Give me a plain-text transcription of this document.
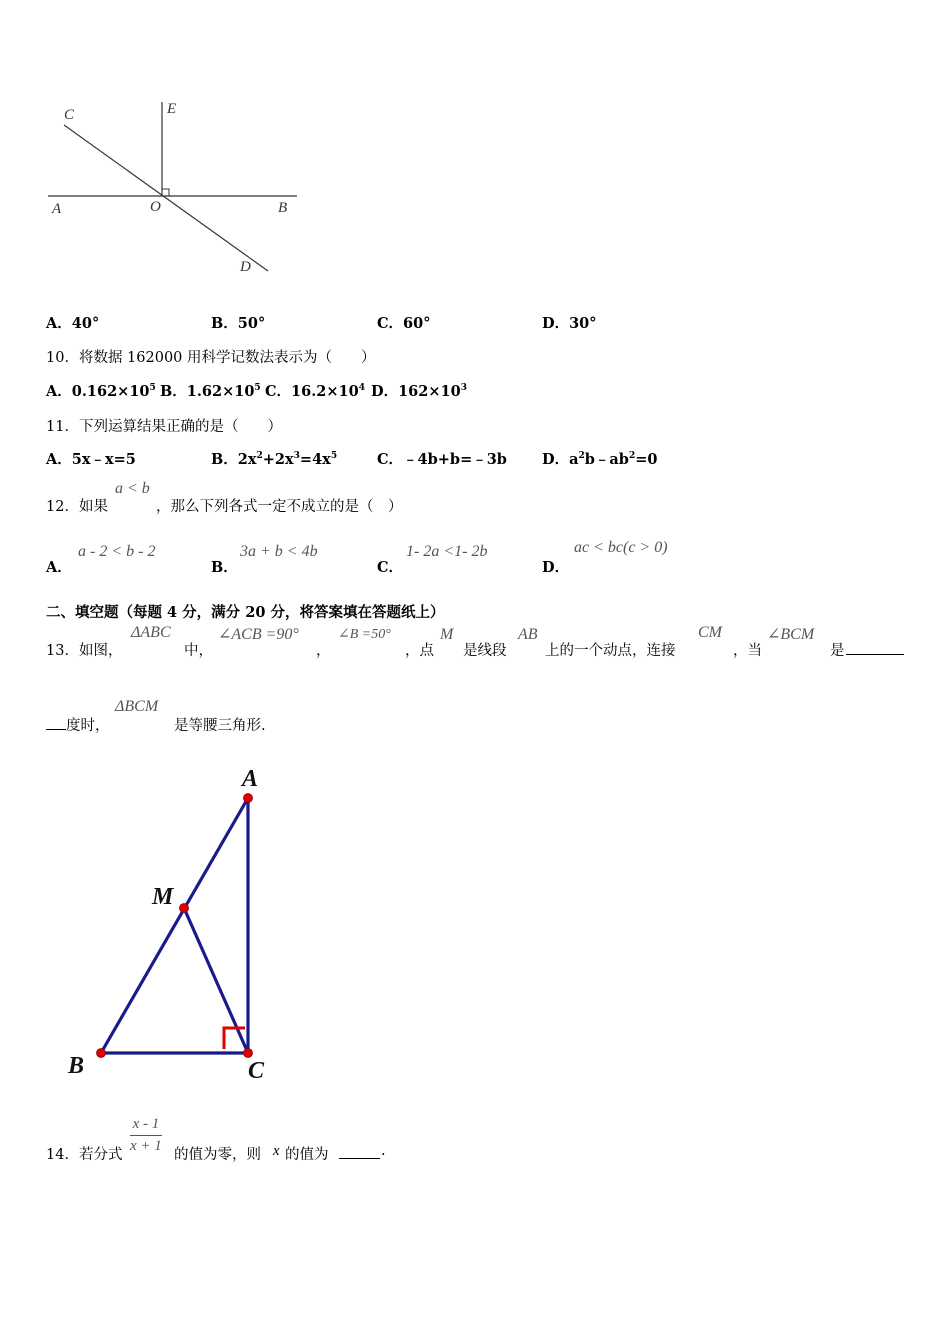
C	E
A	O	B
D
A．40°	B．50°	C．60°	D．30°
10．将数据 162000 用科学记数法表示为（　　）
A．$0.162\times 10^5$ B．$1.62\times 10^5$ C．$16.2\times 10^4$ D．$162\times 10^3$
11．下列运算结果正确的是（　　）
A．5x﹣x=5	B．$2x^2+2x^3=4x^5$	C．﹣4b+b=﹣3b D．$a^2b﹣ab^2=0$
12．如果
a < b
，那么下列各式一定不成立的是（　）
A．
a - 2 < b - 2
B．
3a + b < 4b
C．
1- 2a <1- 2b
D．
ac < bc(c > 0)
二、填空题（每题 4 分，满分 20 分，将答案填在答题纸上）
13．如图，
ΔABC
中，
∠ACB =90°
，
∠B =50°
，点
M
是线段
AB
上的一个动点，连接
CM
，当
∠BCM
是
度时，
ΔBCM
是等腰三角形.
A
M
B	C
14．若分式 $\frac{x - 1}{x + 1}$ 的值为零，则 x 的值为	.
